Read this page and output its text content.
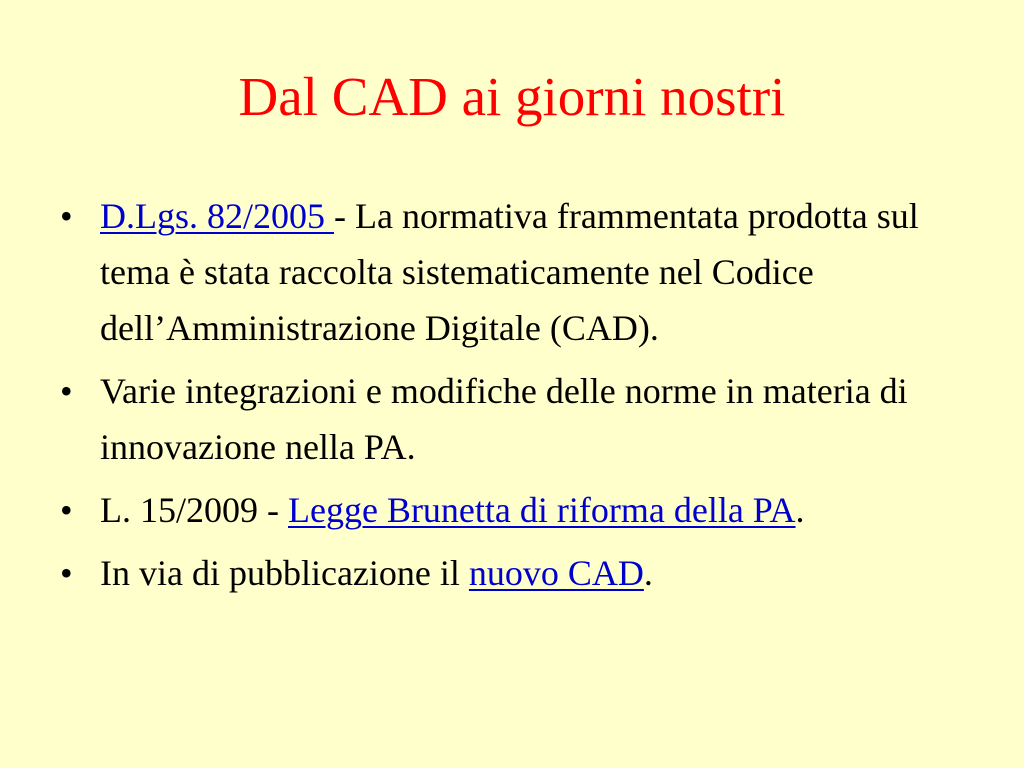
Dal CAD ai giorni nostri
• D.Lgs. 82/2005 - La normativa frammentata prodotta sul tema è stata raccolta sistematicamente nel Codice dell’Amministrazione Digitale (CAD).
• Varie integrazioni e modifiche delle norme in materia di innovazione nella PA.
• L. 15/2009 - Legge Brunetta di riforma della PA.
• In via di pubblicazione il nuovo CAD.
